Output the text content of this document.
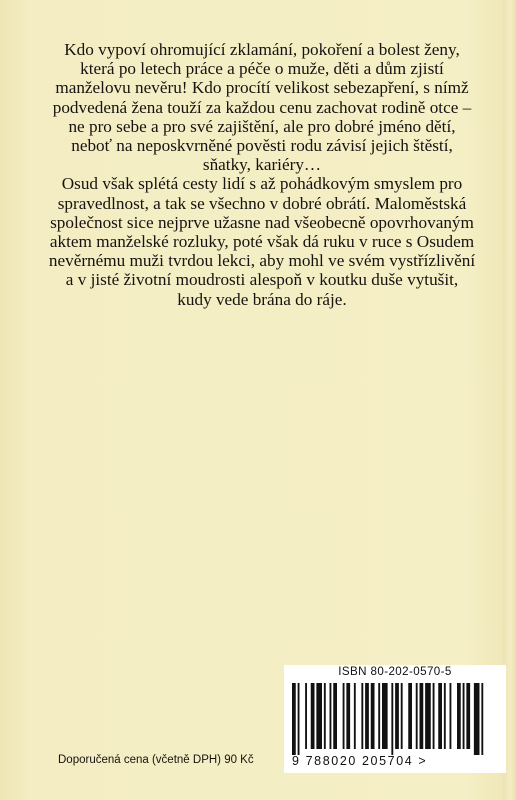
Kdo vypoví ohromující zklamání, pokoření a bolest ženy, která po letech práce a péče o muže, děti a dům zjistí manželovu nevěru! Kdo procítí velikost sebezapření, s nímž podvedená žena touží za každou cenu zachovat rodině otce – ne pro sebe a pro své zajištění, ale pro dobré jméno dětí, neboť na neposkvrněné pověsti rodu závisí jejich štěstí, sňatky, kariéry…

Osud však splétá cesty lidí s až pohádkovým smyslem pro spravedlnost, a tak se všechno v dobré obrátí. Maloměstská společnost sice nejprve užasne nad všeobecně opovrhovaným aktem manželské rozluky, poté však dá ruku v ruce s Osudem nevěrnému muži tvrdou lekci, aby mohl ve svém vystřízlivění a v jisté životní moudrosti alespoň v koutku duše vytušit, kudy vede brána do ráje.

ISBN 80-202-0570-5
9 788020 205704 >
Doporučená cena (včetně DPH) 90 Kč
